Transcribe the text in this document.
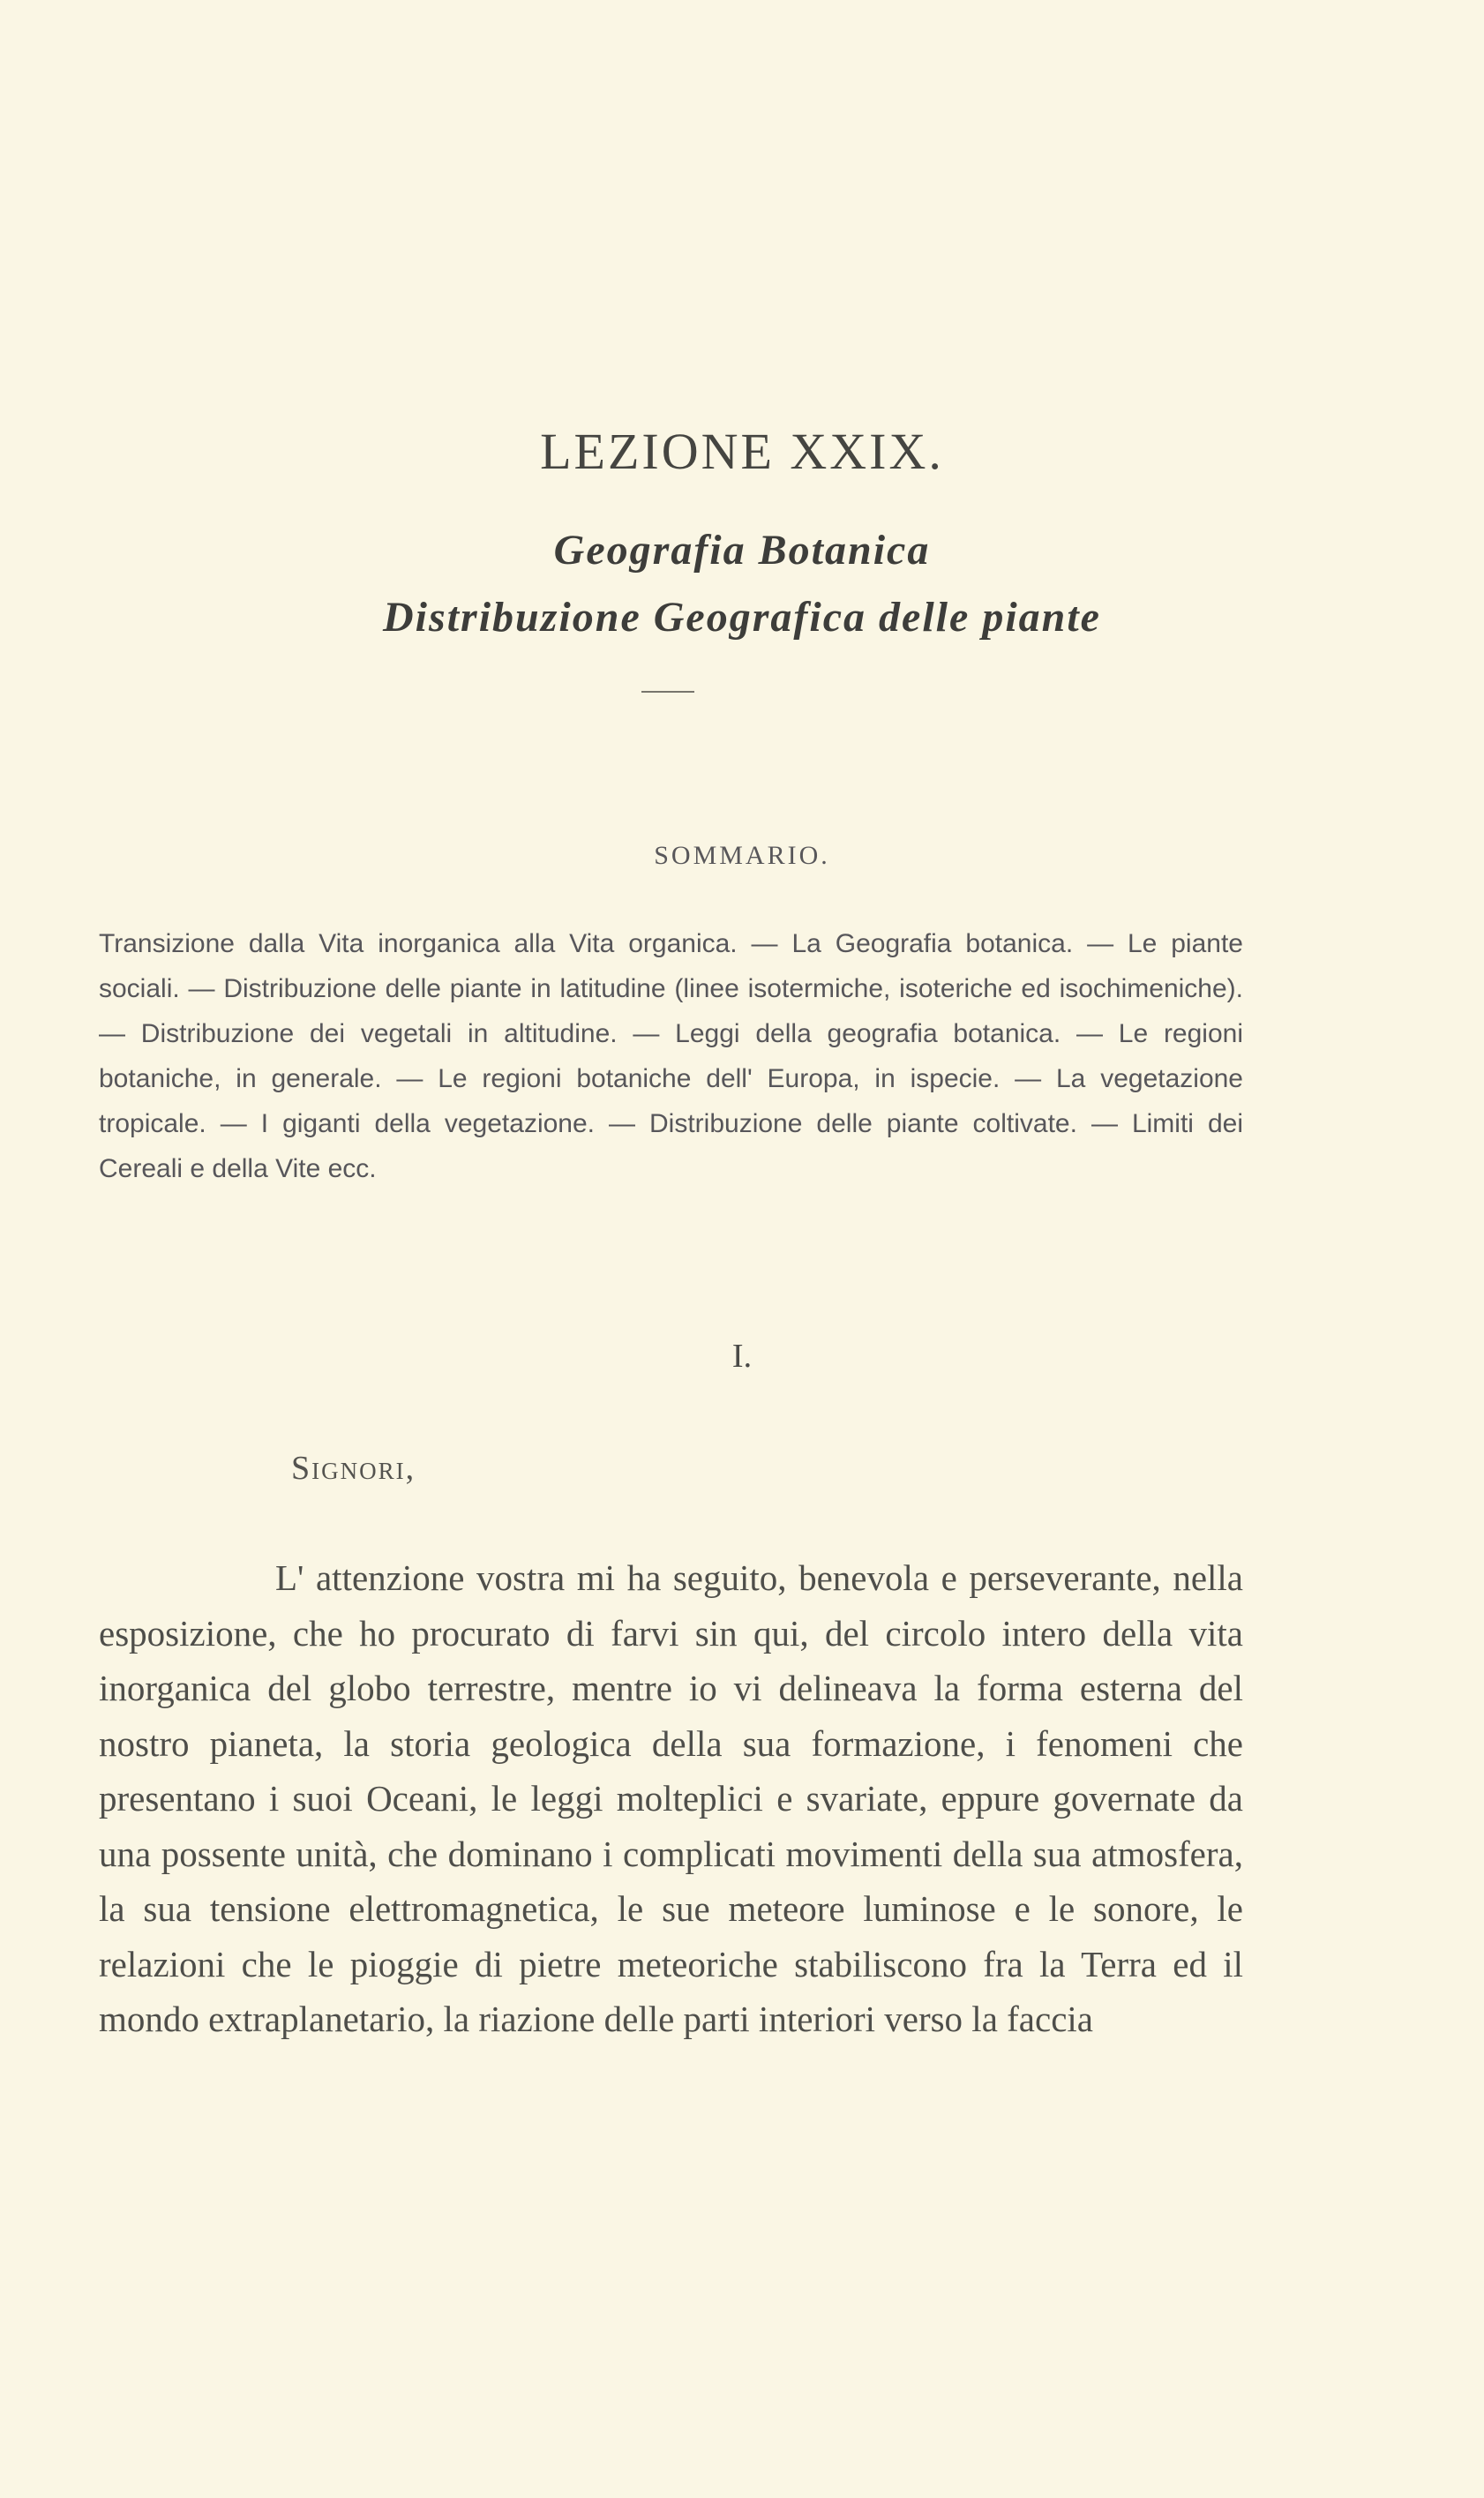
LEZIONE XXIX.
Geografia Botanica
Distribuzione Geografica delle piante
SOMMARIO.

Transizione dalla Vita inorganica alla Vita organica. — La Geografia botanica. — Le piante sociali. — Distribuzione delle piante in latitudine (linee isotermiche, isoteriche ed isochimeniche). — Distribuzione dei vegetali in altitudine. — Leggi della geografia botanica. — Le regioni botaniche, in generale. — Le regioni botaniche dell' Europa, in ispecie. — La vegetazione tropicale. — I giganti della vegetazione. — Distribuzione delle piante coltivate. — Limiti dei Cereali e della Vite ecc.

I.
Signori,

L' attenzione vostra mi ha seguito, benevola e perseverante, nella esposizione, che ho procurato di farvi sin qui, del circolo intero della vita inorganica del globo terrestre, mentre io vi delineava la forma esterna del nostro pianeta, la storia geologica della sua formazione, i fenomeni che presentano i suoi Oceani, le leggi molteplici e svariate, eppure governate da una possente unità, che dominano i complicati movimenti della sua atmosfera, la sua tensione elettromagnetica, le sue meteore luminose e le sonore, le relazioni che le pioggie di pietre meteoriche stabiliscono fra la Terra ed il mondo extraplanetario, la riazione delle parti interiori verso la faccia
